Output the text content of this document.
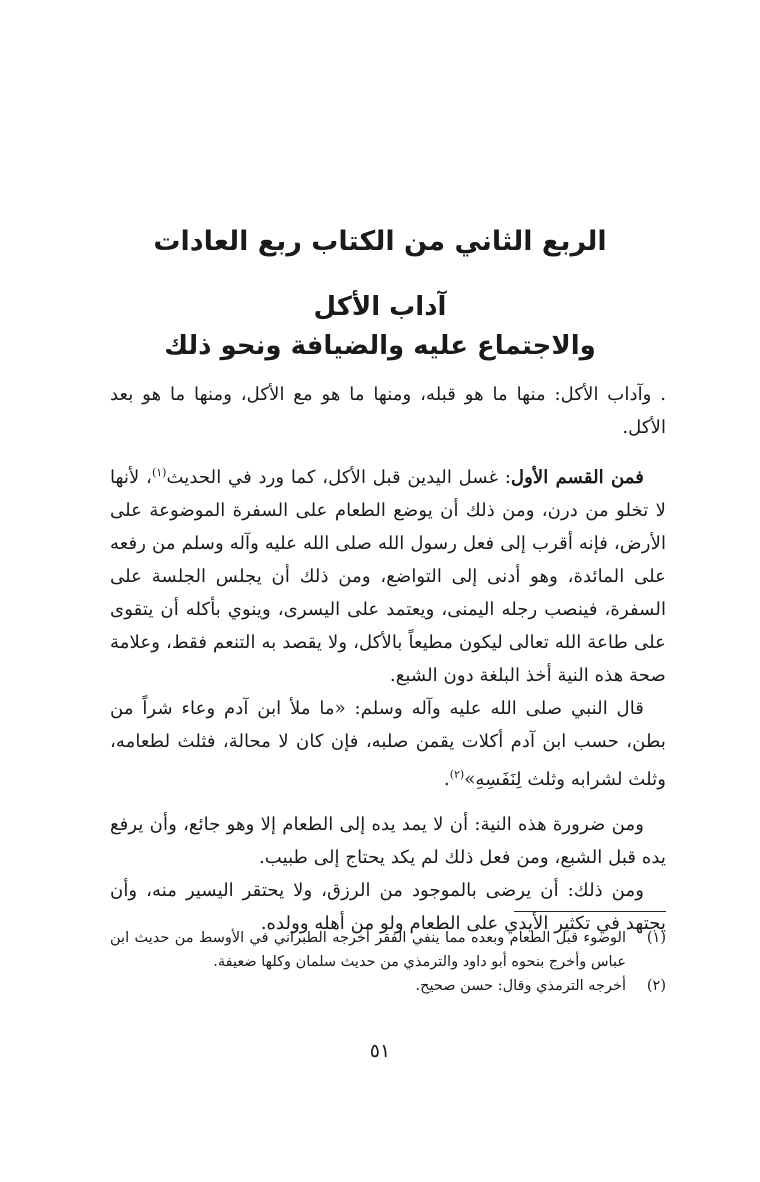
الربع الثاني من الكتاب ربع العادات
آداب الأكل
والاجتماع عليه والضيافة ونحو ذلك

. وآداب الأكل: منها ما هو قبله، ومنها ما هو مع الأكل، ومنها ما هو بعد الأكل.

فمن القسم الأول: غسل اليدين قبل الأكل، كما ورد في الحديث$^{(١)}$، لأنها لا تخلو من درن، ومن ذلك أن يوضع الطعام على السفرة الموضوعة على الأرض، فإنه أقرب إلى فعل رسول الله صلى الله عليه وآله وسلم من رفعه على المائدة، وهو أدنى إلى التواضع، ومن ذلك أن يجلس الجلسة على السفرة، فينصب رجله اليمنى، ويعتمد على اليسرى، وينوي بأكله أن يتقوى على طاعة الله تعالى ليكون مطيعاً بالأكل، ولا يقصد به التنعم فقط، وعلامة صحة هذه النية أخذ البلغة دون الشبع.

قال النبي صلى الله عليه وآله وسلم: «ما ملأ ابن آدم وعاء شراً من بطن، حسب ابن آدم أكلات يقمن صلبه، فإن كان لا محالة، فثلث لطعامه، وثلث لشرابه وثلث لِنَفَسِهِ»$^{(٢)}$.

ومن ضرورة هذه النية: أن لا يمد يده إلى الطعام إلا وهو جائع، وأن يرفع يده قبل الشبع، ومن فعل ذلك لم يكد يحتاج إلى طبيب.

ومن ذلك: أن يرضى بالموجود من الرزق، ولا يحتقر اليسير منه، وأن يجتهد في تكثير الأيدي على الطعام ولو من أهله وولده.

(١)
الوضوء قبل الطعام وبعده مما ينفي الفقر أخرجه الطبراني في الأوسط من حديث ابن عباس وأخرج بنحوه أبو داود والترمذي من حديث سلمان وكلها ضعيفة.
(٢)
أخرجه الترمذي وقال: حسن صحيح.
٥١
